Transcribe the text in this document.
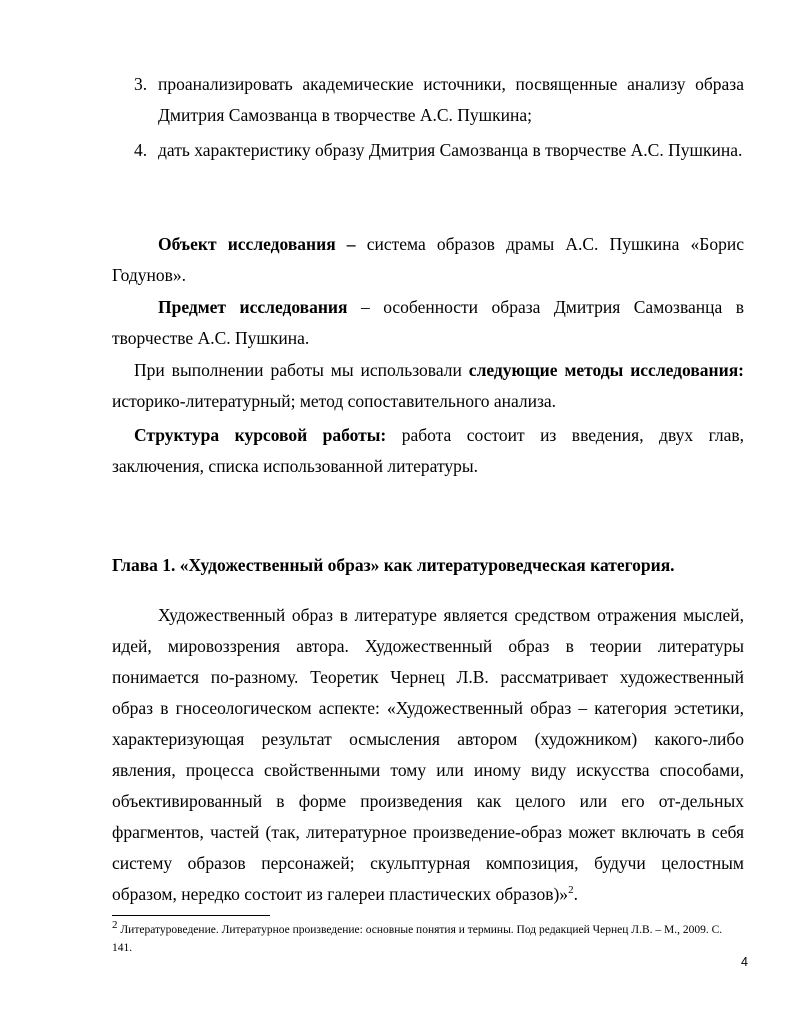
3. проанализировать академические источники, посвященные анализу образа Дмитрия Самозванца в творчестве А.С. Пушкина;
4. дать характеристику образу Дмитрия Самозванца в творчестве А.С. Пушкина.
Объект исследования – система образов драмы А.С. Пушкина «Борис Годунов».
Предмет исследования – особенности образа Дмитрия Самозванца в творчестве А.С. Пушкина.
При выполнении работы мы использовали следующие методы исследования: историко-литературный; метод сопоставительного анализа.
Структура курсовой работы: работа состоит из введения, двух глав, заключения, списка использованной литературы.
Глава 1. «Художественный образ» как литературоведческая категория.
Художественный образ в литературе является средством отражения мыслей, идей, мировоззрения автора. Художественный образ в теории литературы понимается по-разному. Теоретик Чернец Л.В. рассматривает художественный образ в гносеологическом аспекте: «Художественный образ – категория эстетики, характеризующая результат осмысления автором (художником) какого-либо явления, процесса свойственными тому или иному виду искусства способами, объективированный в форме произведения как целого или его от-дельных фрагментов, частей (так, литературное произведение-образ может включать в себя систему образов персонажей; скульптурная композиция, будучи целостным образом, нередко состоит из галереи пластических образов)»$^2$.
$^2$ Литературоведение. Литературное произведение: основные понятия и термины. Под редакцией Чернец Л.В. – М., 2009. С. 141.
4
